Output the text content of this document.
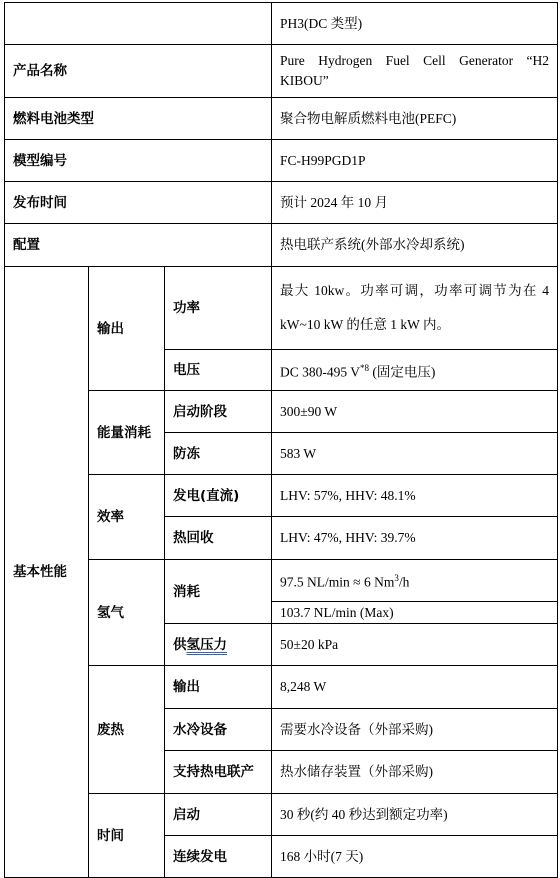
			PH3(DC 类型)
产品名称			Pure Hydrogen Fuel Cell Generator “H2 KIBOU”
燃料电池类型			聚合物电解质燃料电池(PEFC)
模型编号			FC-H99PGD1P
发布时间			预计 2024 年 10 月
配置			热电联产系统(外部水冷却系统)
基本性能	输出	功率	最大 10kw。功率可调，功率可调节为在 4 kW~10 kW 的任意 1 kW 内。
		电压	DC 380-495 $V^{*8}$ (固定电压)
	能量消耗	启动阶段	300±90 W
		防冻	583 W
	效率	发电(直流)	LHV: 57%, HHV: 48.1%
		热回收	LHV: 47%, HHV: 39.7%
	氢气	消耗	97.5 NL/min ≈ 6 Nm$^3$/h
			103.7 NL/min (Max)
		供氢压力	50±20 kPa
	废热	输出	8,248 W
		水冷设备	需要水冷设备（外部采购)
		支持热电联产	热水储存装置（外部采购)
	时间	启动	30 秒(约 40 秒达到额定功率)
		连续发电	168 小时(7 天)
